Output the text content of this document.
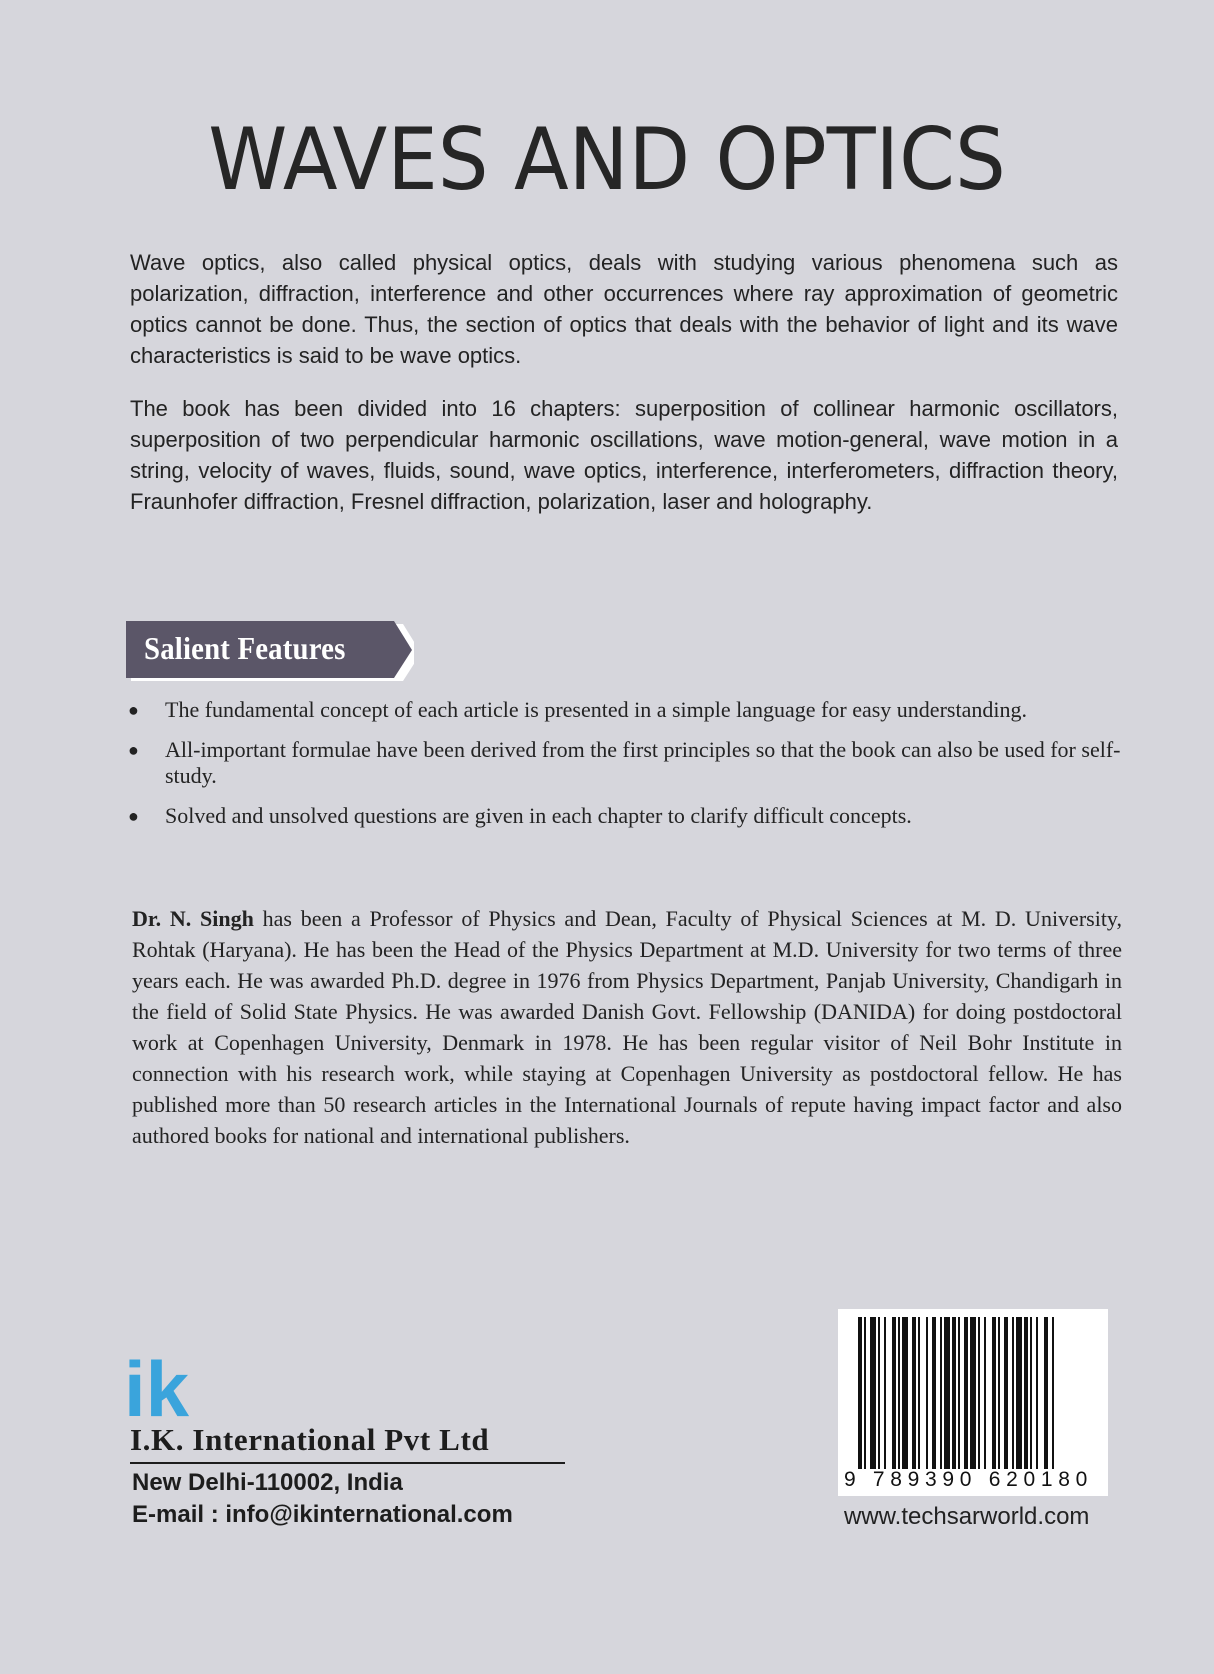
WAVES AND OPTICS

Wave optics, also called physical optics, deals with studying various phenomena such as polarization, diffraction, interference and other occurrences where ray approximation of geometric optics cannot be done. Thus, the section of optics that deals with the behavior of light and its wave characteristics is said to be wave optics.

The book has been divided into 16 chapters: superposition of collinear harmonic oscillators, superposition of two perpendicular harmonic oscillations, wave motion-general, wave motion in a string, velocity of waves, fluids, sound, wave optics, interference, interferometers, diffraction theory, Fraunhofer diffraction, Fresnel diffraction, polarization, laser and holography.

Salient Features
● The fundamental concept of each article is presented in a simple language for easy understanding.
● All-important formulae have been derived from the first principles so that the book can also be used for self-study.
● Solved and unsolved questions are given in each chapter to clarify difficult concepts.

Dr. N. Singh has been a Professor of Physics and Dean, Faculty of Physical Sciences at M. D. University, Rohtak (Haryana). He has been the Head of the Physics Department at M.D. University for two terms of three years each. He was awarded Ph.D. degree in 1976 from Physics Department, Panjab University, Chandigarh in the field of Solid State Physics. He was awarded Danish Govt. Fellowship (DANIDA) for doing postdoctoral work at Copenhagen University, Denmark in 1978. He has been regular visitor of Neil Bohr Institute in connection with his research work, while staying at Copenhagen University as postdoctoral fellow. He has published more than 50 research articles in the International Journals of repute having impact factor and also authored books for national and international publishers.

ik
I.K. International Pvt Ltd
New Delhi-110002, India
E-mail : info@ikinternational.com
9 789390 620180
www.techsarworld.com
